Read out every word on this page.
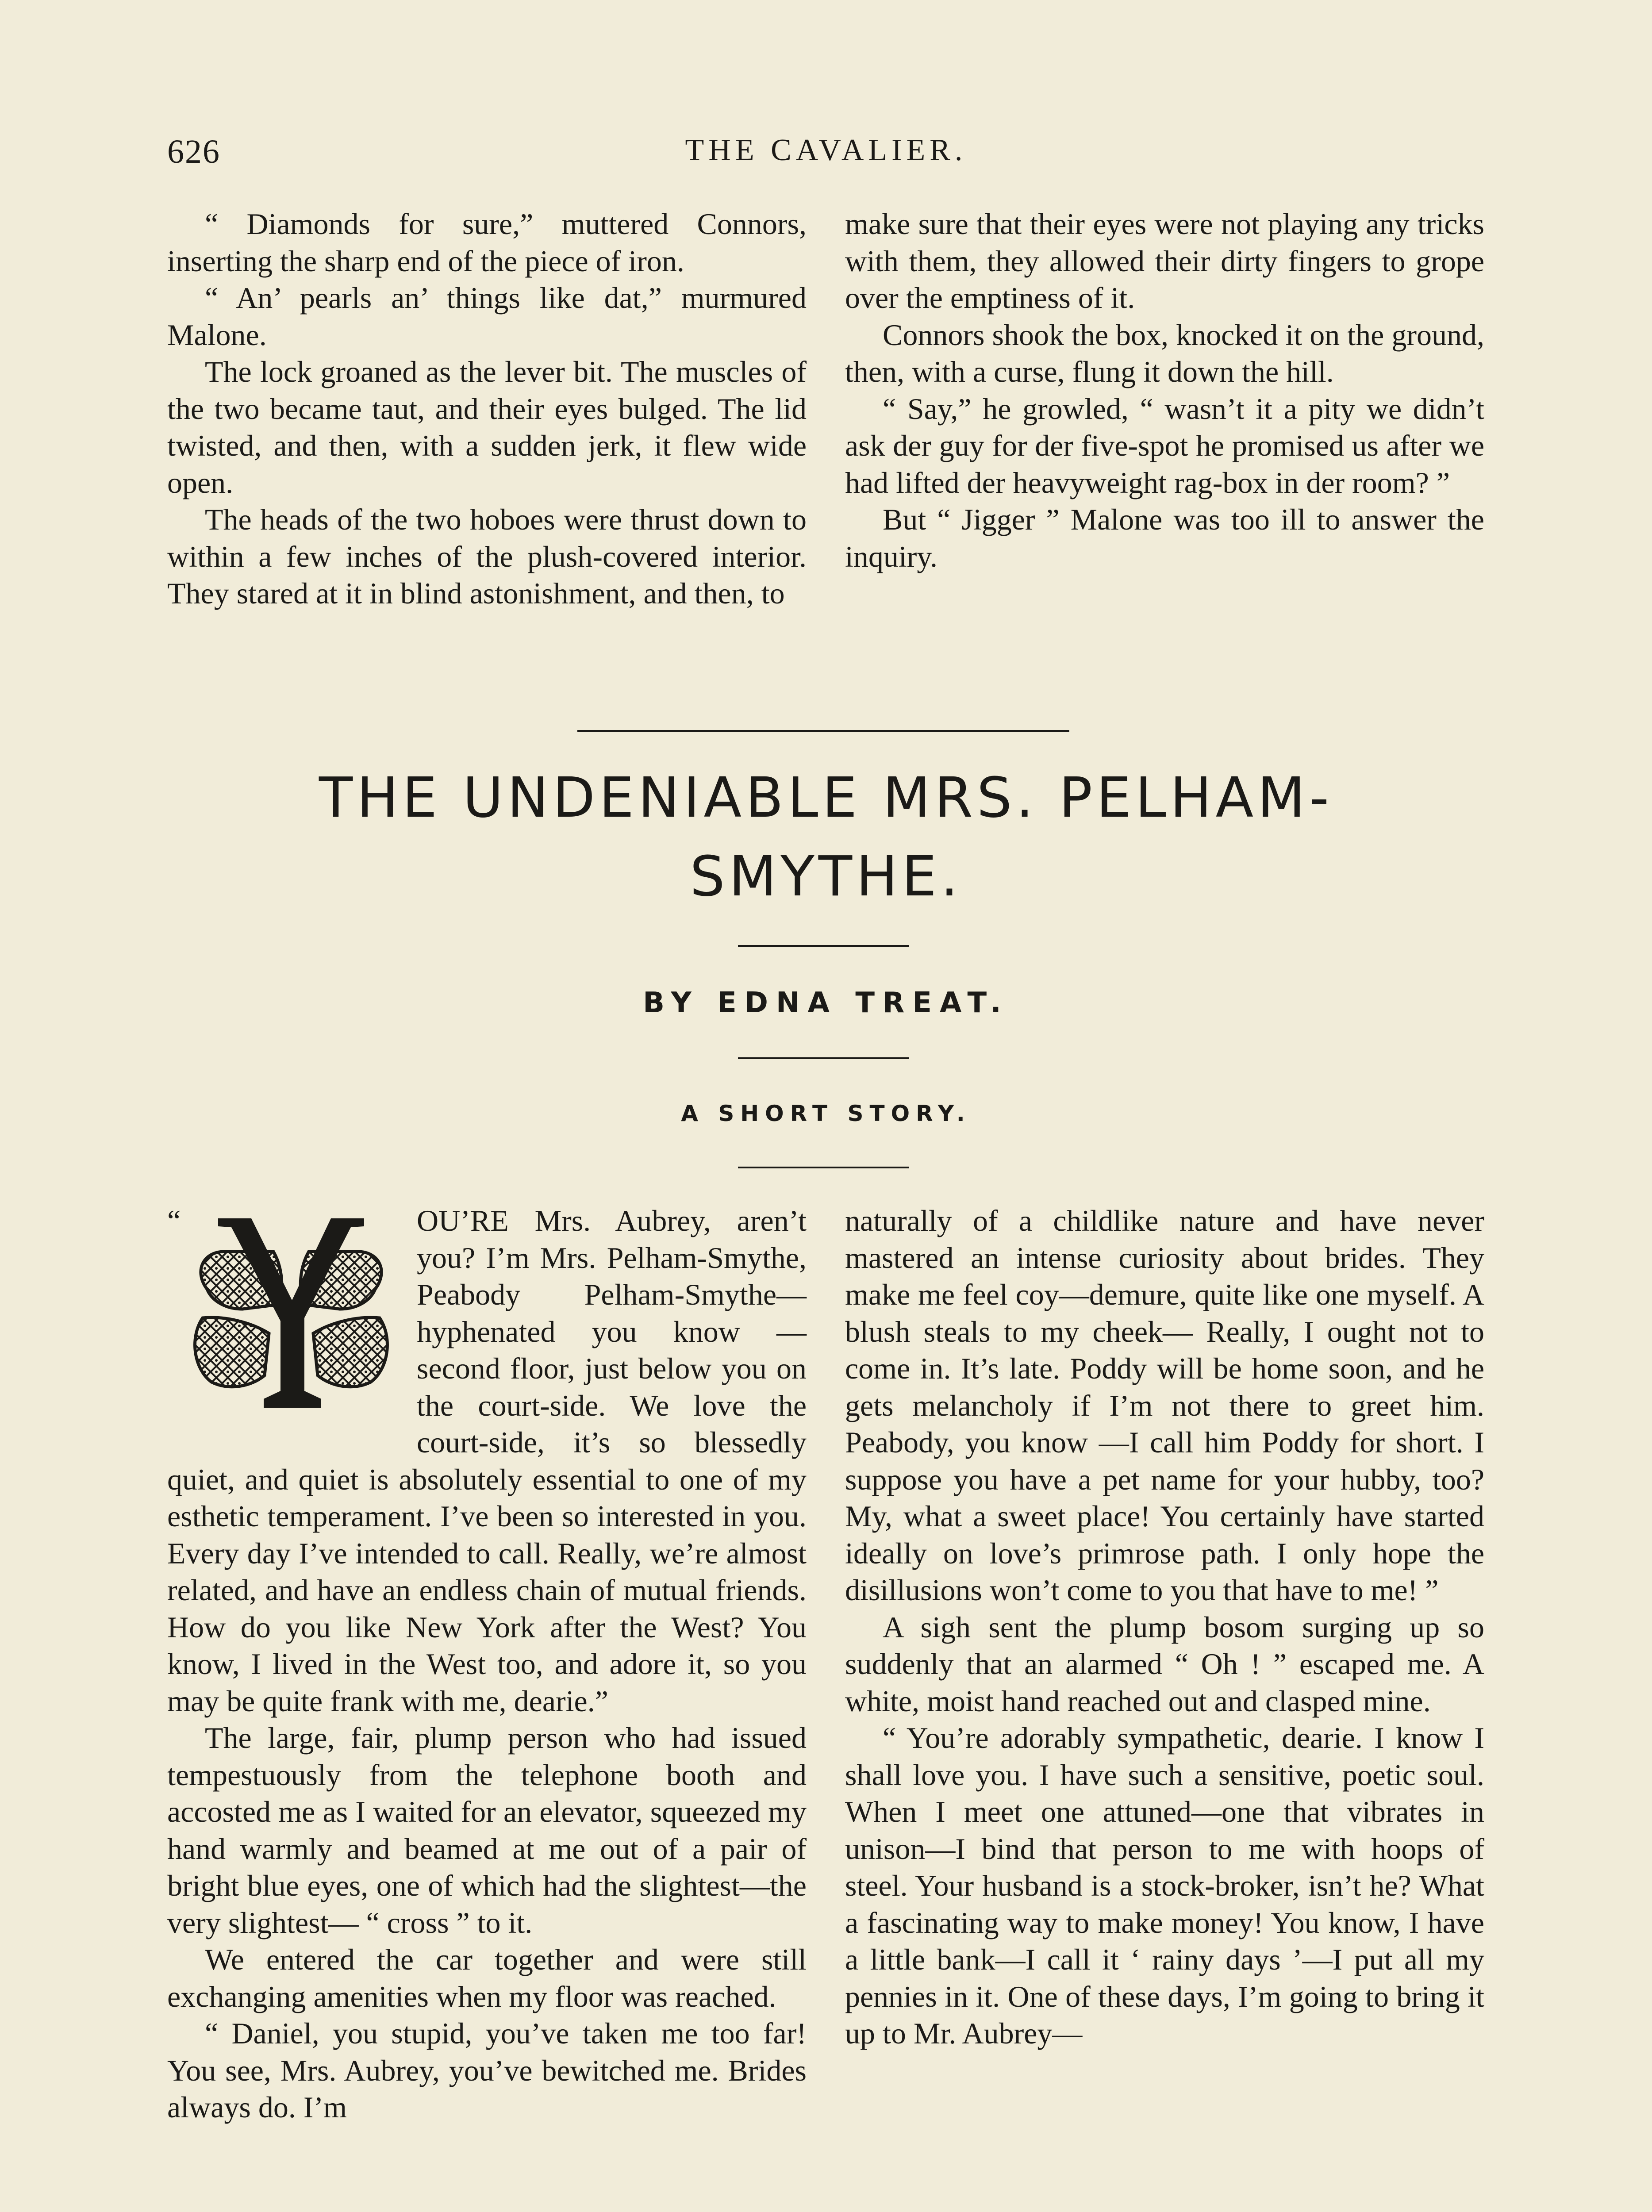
626	THE CAVALIER.

“ Diamonds for sure,” muttered Connors, inserting the sharp end of the piece of iron.

“ An’ pearls an’ things like dat,” murmured Malone.

The lock groaned as the lever bit. The muscles of the two became taut, and their eyes bulged. The lid twisted, and then, with a sudden jerk, it flew wide open.

The heads of the two hoboes were thrust down to within a few inches of the plush-covered interior. They stared at it in blind astonishment, and then, to

make sure that their eyes were not playing any tricks with them, they allowed their dirty fingers to grope over the emptiness of it.

Connors shook the box, knocked it on the ground, then, with a curse, flung it down the hill.

“ Say,” he growled, “ wasn’t it a pity we didn’t ask der guy for der five-spot he promised us after we had lifted der heavyweight rag-box in der room? ”

But “ Jigger ” Malone was too ill to answer the inquiry.

THE UNDENIABLE MRS. PELHAM-
SMYTHE.
BY EDNA TREAT.
A SHORT STORY.

“	OU’RE Mrs. Aubrey, aren’t you? I’m Mrs. Pelham-Smythe, Peabody Pelham-Smythe—hyphenated you know — second floor, just below you on the court-side. We love the court-side, it’s so blessedly quiet, and quiet is absolutely essential to one of my esthetic temperament. I’ve been so interested in you. Every day I’ve intended to call. Really, we’re almost related, and have an endless chain of mutual friends. How do you like New York after the West? You know, I lived in the West too, and adore it, so you may be quite frank with me, dearie.”

The large, fair, plump person who had issued tempestuously from the telephone booth and accosted me as I waited for an elevator, squeezed my hand warmly and beamed at me out of a pair of bright blue eyes, one of which had the slightest—the very slightest— “ cross ” to it.

We entered the car together and were still exchanging amenities when my floor was reached.

“ Daniel, you stupid, you’ve taken me too far! You see, Mrs. Aubrey, you’ve bewitched me. Brides always do. I’m

naturally of a childlike nature and have never mastered an intense curiosity about brides. They make me feel coy—demure, quite like one myself. A blush steals to my cheek— Really, I ought not to come in. It’s late. Poddy will be home soon, and he gets melancholy if I’m not there to greet him. Peabody, you know —I call him Poddy for short. I suppose you have a pet name for your hubby, too? My, what a sweet place! You certainly have started ideally on love’s primrose path. I only hope the disillusions won’t come to you that have to me! ”

A sigh sent the plump bosom surging up so suddenly that an alarmed “ Oh ! ” escaped me. A white, moist hand reached out and clasped mine.

“ You’re adorably sympathetic, dearie. I know I shall love you. I have such a sensitive, poetic soul. When I meet one attuned—one that vibrates in unison—I bind that person to me with hoops of steel. Your husband is a stock-broker, isn’t he? What a fascinating way to make money! You know, I have a little bank—I call it ‘ rainy days ’—I put all my pennies in it. One of these days, I’m going to bring it up to Mr. Aubrey—
